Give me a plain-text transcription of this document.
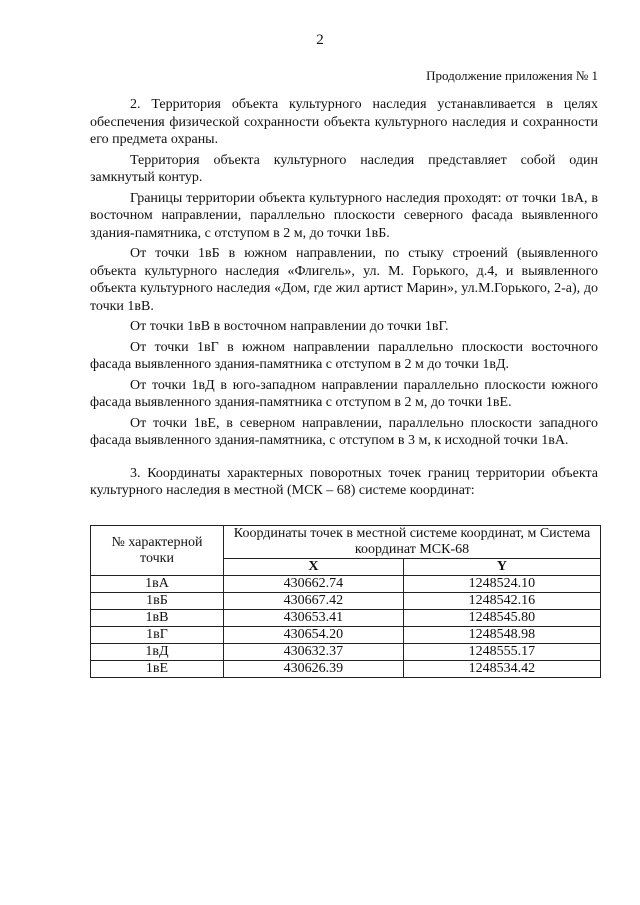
2
Продолжение приложения № 1

2. Территория объекта культурного наследия устанавливается в целях обеспечения физической сохранности объекта культурного наследия и сохранности его предмета охраны.

Территория объекта культурного наследия представляет собой один замкнутый контур.

Границы территории объекта культурного наследия проходят: от точки 1вА, в восточном направлении, параллельно плоскости северного фасада выявленного здания-памятника, с отступом в 2 м, до точки 1вБ.

От точки 1вБ в южном направлении, по стыку строений (выявленного объекта культурного наследия «Флигель», ул. М. Горького, д.4, и выявленного объекта культурного наследия «Дом, где жил артист Марин», ул.М.Горького, 2-а), до точки 1вВ.

От точки 1вВ в восточном направлении до точки 1вГ.

От точки 1вГ в южном направлении параллельно плоскости восточного фасада выявленного здания-памятника с отступом в 2 м до точки 1вД.

От точки 1вД в юго-западном направлении параллельно плоскости южного фасада выявленного здания-памятника с отступом в 2 м, до точки 1вЕ.

От точки 1вЕ, в северном направлении, параллельно плоскости западного фасада выявленного здания-памятника, с отступом в 3 м, к исходной точки 1вА.

3. Координаты характерных поворотных точек границ территории объекта культурного наследия в местной (МСК – 68) системе координат:

№ характерной точки	Координаты точек в местной системе координат, м Система координат МСК-68	
	X	Y
1вА	430662.74	1248524.10
1вБ	430667.42	1248542.16
1вВ	430653.41	1248545.80
1вГ	430654.20	1248548.98
1вД	430632.37	1248555.17
1вЕ	430626.39	1248534.42
